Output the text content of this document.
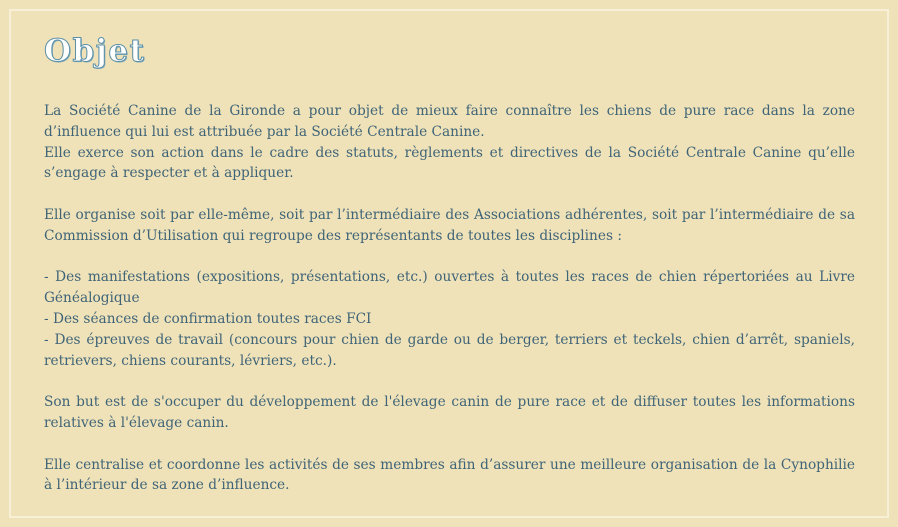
Objet

La Société Canine de la Gironde a pour objet de mieux faire connaître les chiens de pure race dans la zone d’influence qui lui est attribuée par la Société Centrale Canine.
Elle exerce son action dans le cadre des statuts, règlements et directives de la Société Centrale Canine qu’elle s’engage à respecter et à appliquer.

Elle organise soit par elle-même, soit par l’intermédiaire des Associations adhérentes, soit par l’intermédiaire de sa Commission d’Utilisation qui regroupe des représentants de toutes les disciplines :

- Des manifestations (expositions, présentations, etc.) ouvertes à toutes les races de chien répertoriées au Livre Généalogique
- Des séances de confirmation toutes races FCI
- Des épreuves de travail (concours pour chien de garde ou de berger, terriers et teckels, chien d’arrêt, spaniels, retrievers, chiens courants, lévriers, etc.).

Son but est de s'occuper du développement de l'élevage canin de pure race et de diffuser toutes les informations relatives à l'élevage canin.

Elle centralise et coordonne les activités de ses membres afin d’assurer une meilleure organisation de la Cynophilie à l’intérieur de sa zone d’influence.
